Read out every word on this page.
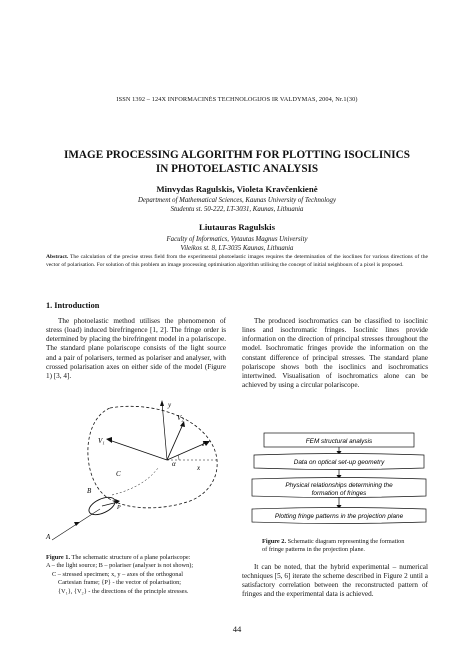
ISSN 1392 – 124X INFORMACINĖS TECHNOLOGIJOS IR VALDYMAS, 2004, Nr.1(30)
IMAGE PROCESSING ALGORITHM FOR PLOTTING ISOCLINICS
IN PHOTOELASTIC ANALYSIS
Minvydas Ragulskis, Violeta Kravčenkienė
Department of Mathematical Sciences, Kaunas University of Technology
Studentu st. 50-222, LT-3031, Kaunas, Lithuania
Liutauras Ragulskis
Faculty of Informatics, Vytautas Magnus University
Vileikos st. 8, LT-3035 Kaunas, Lithuania
Abstract. The calculation of the precise stress field from the experimental photoelastic images requires the determination of the isoclines for various directions of the vector of polarisation. For solution of this problem an image processing optimisation algorithm utilising the concept of initial neighbours of a pixel is proposed.
1. Introduction
The photoelastic method utilises the phenomenon of stress (load) induced birefringence [1, 2]. The fringe order is determined by placing the birefringent model in a polariscope. The standard plane polariscope consists of the light source and a pair of polarisers, termed as polariser and analyser, with crossed polarisation axes on either side of the model (Figure 1) [3, 4].
The produced isochromatics can be classified to isoclinic lines and isochromatic fringes. Isoclinic lines provide information on the direction of principal stresses throughout the model. Isochromatic fringes provide the information on the constant difference of principal stresses. The standard plane polariscope shows both the isoclinics and isochromatics intertwined. Visualisation of isochromatics alone can be achieved by using a circular polariscope.
y
V₂
V₁	P
α	x
C
B
P
A
Figure 1. The schematic structure of a plane polariscope:
A – the light source; B – polariser (analyser is not shown);
C – stressed specimen; x, y – axes of the orthogonal
Cartesian frame; {P} - the vector of polarisation;
{V₁}, {V₂} - the directions of the principle stresses.
FEM structural analysis
Data on optical set-up geometry
Physical relationships determining the
formation of fringes
Plotting fringe patterns in the projection plane
Figure 2. Schematic diagram representing the formation
of fringe patterns in the projection plane.
It can be noted, that the hybrid experimental – numerical techniques [5, 6] iterate the scheme described in Figure 2 until a satisfactory correlation between the reconstructed pattern of fringes and the experimental data is achieved.
44
